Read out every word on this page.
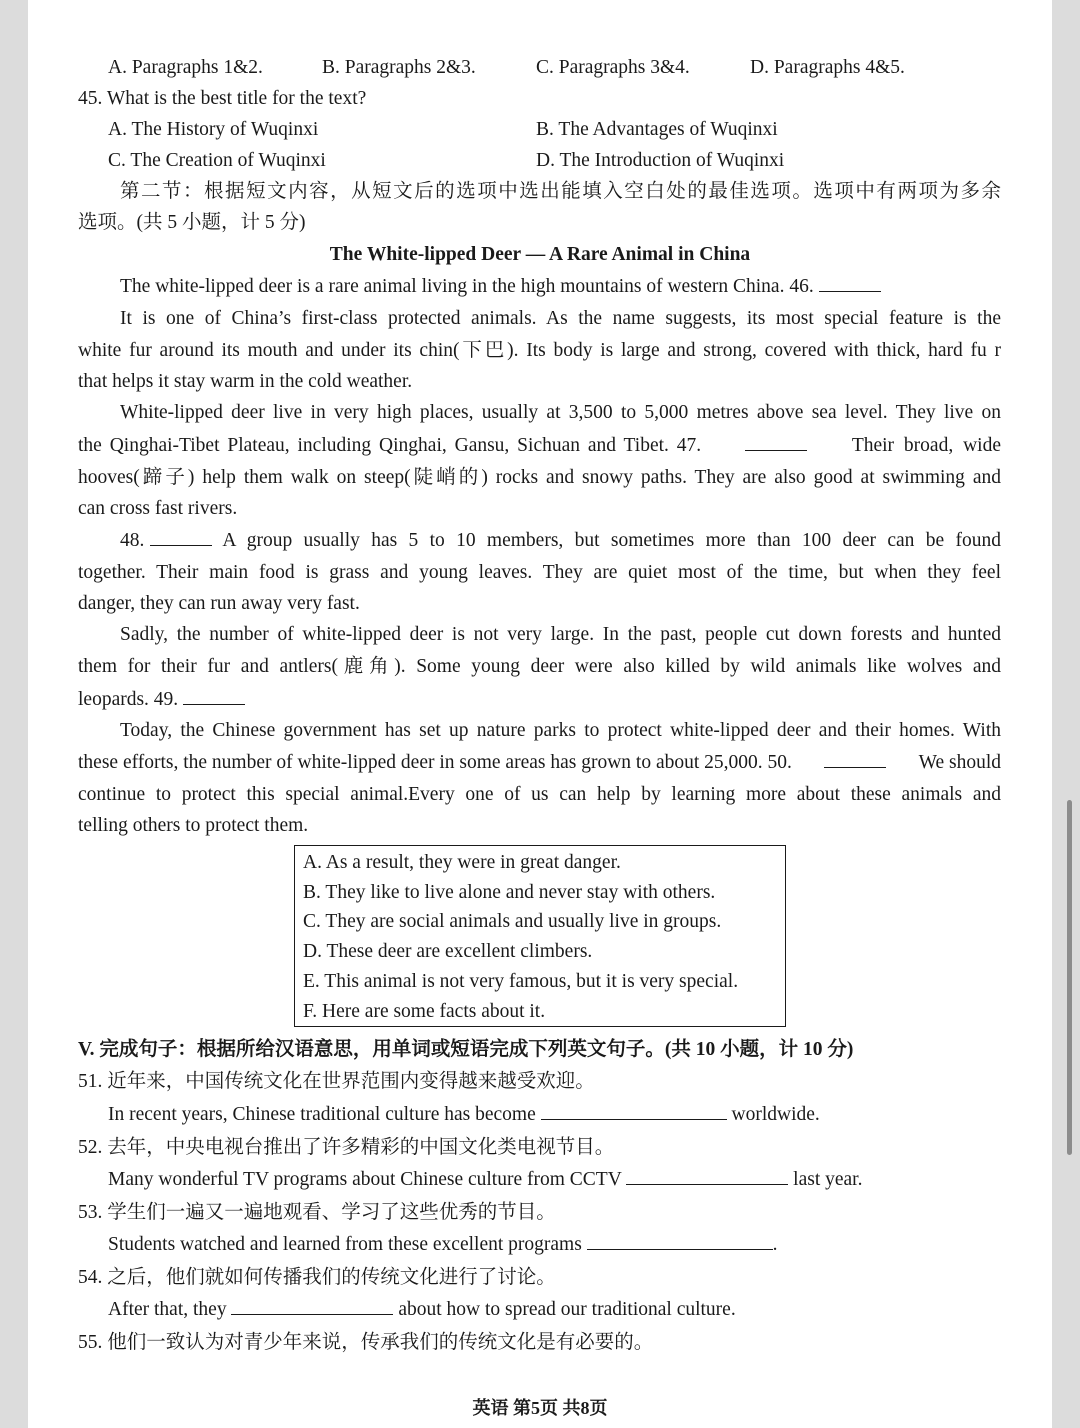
A. Paragraphs 1&2.	B. Paragraphs 2&3.	C. Paragraphs 3&4.	D. Paragraphs 4&5.
45. What is the best title for the text?
A. The History of Wuqinxi	B. The Advantages of Wuqinxi
C. The Creation of Wuqinxi	D. The Introduction of Wuqinxi
第二节：根据短文内容，从短文后的选项中选出能填入空白处的最佳选项。选项中有两项为多余
选项。(共 5 小题，计 5 分)
The White-lipped Deer — A Rare Animal in China
The white-lipped deer is a rare animal living in the high mountains of western China. 46.
It is one of China’s first-class protected animals. As the name suggests, its most special feature is the
white fur around its mouth and under its chin(下巴). Its body is large and strong, covered with thick, hard fu r
that helps it stay warm in the cold weather.
White-lipped deer live in very high places, usually at 3,500 to 5,000 metres above sea level. They live on
the Qinghai-Tibet Plateau, including Qinghai, Gansu, Sichuan and Tibet. 47.	Their broad, wide
hooves(蹄子) help them walk on steep(陡峭的) rocks and snowy paths. They are also good at swimming and
can cross fast rivers.
48.	A group usually has 5 to 10 members, but sometimes more than 100 deer can be found
together. Their main food is grass and young leaves. They are quiet most of the time, but when they feel
danger, they can run away very fast.
Sadly, the number of white-lipped deer is not very large. In the past, people cut down forests and hunted
them for their fur and antlers(鹿角). Some young deer were also killed by wild animals like wolves and
leopards. 49.
Today, the Chinese government has set up nature parks to protect white-lipped deer and their homes. With
these efforts, the number of white-lipped deer in some areas has grown to about 25,000. 50.	We should
continue to protect this special animal.Every one of us can help by learning more about these animals and
telling others to protect them.
A. As a result, they were in great danger.
B. They like to live alone and never stay with others.
C. They are social animals and usually live in groups.
D. These deer are excellent climbers.
E. This animal is not very famous, but it is very special.
F. Here are some facts about it.
V. 完成句子：根据所给汉语意思，用单词或短语完成下列英文句子。(共 10 小题，计 10 分)
51. 近年来，中国传统文化在世界范围内变得越来越受欢迎。
In recent years, Chinese traditional culture has become	worldwide.
52. 去年，中央电视台推出了许多精彩的中国文化类电视节目。
Many wonderful TV programs about Chinese culture from CCTV	last year.
53. 学生们一遍又一遍地观看、学习了这些优秀的节目。
Students watched and learned from these excellent programs	.
54. 之后，他们就如何传播我们的传统文化进行了讨论。
After that, they	about how to spread our traditional culture.
55. 他们一致认为对青少年来说，传承我们的传统文化是有必要的。
英语 第5页 共8页
